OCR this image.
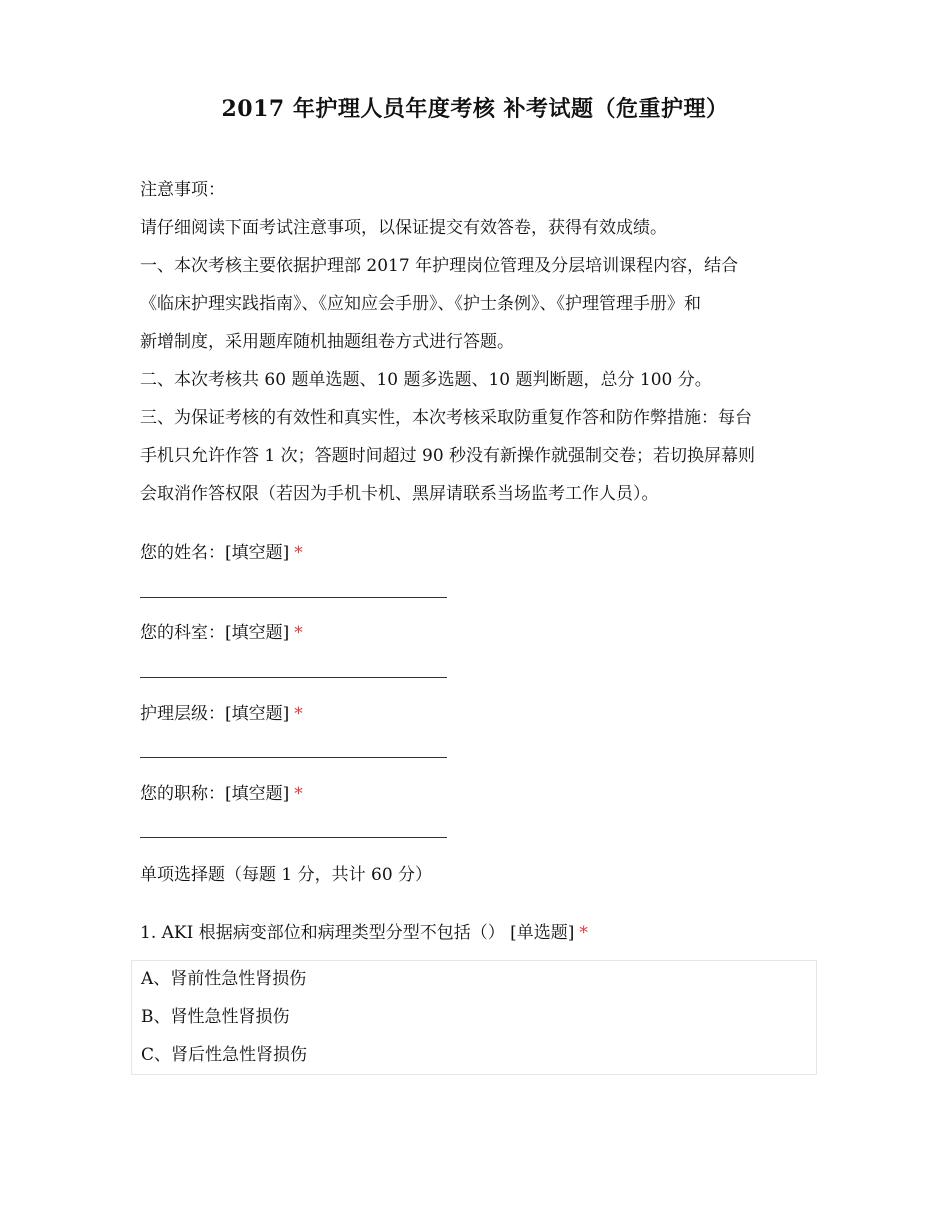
2017 年护理人员年度考核 补考试题（危重护理）
注意事项：
请仔细阅读下面考试注意事项，以保证提交有效答卷，获得有效成绩。
一、本次考核主要依据护理部 2017 年护理岗位管理及分层培训课程内容，结合
《临床护理实践指南》、《应知应会手册》、《护士条例》、《护理管理手册》和
新增制度，采用题库随机抽题组卷方式进行答题。
二、本次考核共 60 题单选题、10 题多选题、10 题判断题，总分 100 分。
三、为保证考核的有效性和真实性，本次考核采取防重复作答和防作弊措施：每台
手机只允许作答 1 次；答题时间超过 90 秒没有新操作就强制交卷；若切换屏幕则
会取消作答权限（若因为手机卡机、黑屏请联系当场监考工作人员）。
您的姓名：[填空题] *
您的科室：[填空题] *
护理层级：[填空题] *
您的职称：[填空题] *
单项选择题（每题 1 分，共计 60 分）
1. AKI 根据病变部位和病理类型分型不包括（） [单选题] *
A、肾前性急性肾损伤
B、肾性急性肾损伤
C、肾后性急性肾损伤
